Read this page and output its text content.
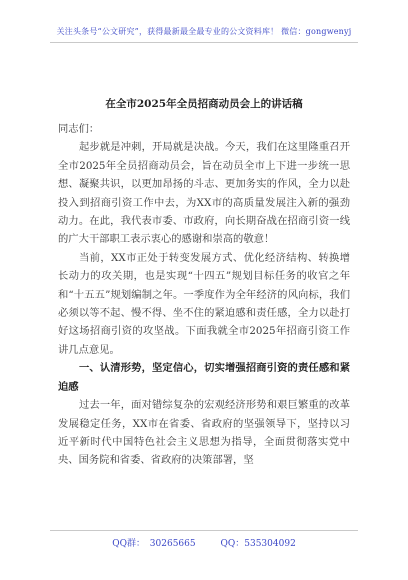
关注头条号“公文研究”，获得最新最全最专业的公文资料库！ 微信：gongwenyj
在全市2025年全员招商动员会上的讲话稿

同志们：

起步就是冲刺，开局就是决战。今天，我们在这里隆重召开全市2025年全员招商动员会，旨在动员全市上下进一步统一思想、凝聚共识，以更加昂扬的斗志、更加务实的作风，全力以赴投入到招商引资工作中去，为XX市的高质量发展注入新的强劲动力。在此，我代表市委、市政府，向长期奋战在招商引资一线的广大干部职工表示衷心的感谢和崇高的敬意！

当前，XX市正处于转变发展方式、优化经济结构、转换增长动力的攻关期，也是实现“十四五”规划目标任务的收官之年和“十五五”规划编制之年。一季度作为全年经济的风向标，我们必须以等不起、慢不得、坐不住的紧迫感和责任感，全力以赴打好这场招商引资的攻坚战。下面我就全市2025年招商引资工作讲几点意见。

一、认清形势，坚定信心，切实增强招商引资的责任感和紧迫感

过去一年，面对错综复杂的宏观经济形势和艰巨繁重的改革发展稳定任务，XX市在省委、省政府的坚强领导下，坚持以习近平新时代中国特色社会主义思想为指导，全面贯彻落实党中央、国务院和省委、省政府的决策部署，坚

QQ群： 30265665	QQ：535304092
